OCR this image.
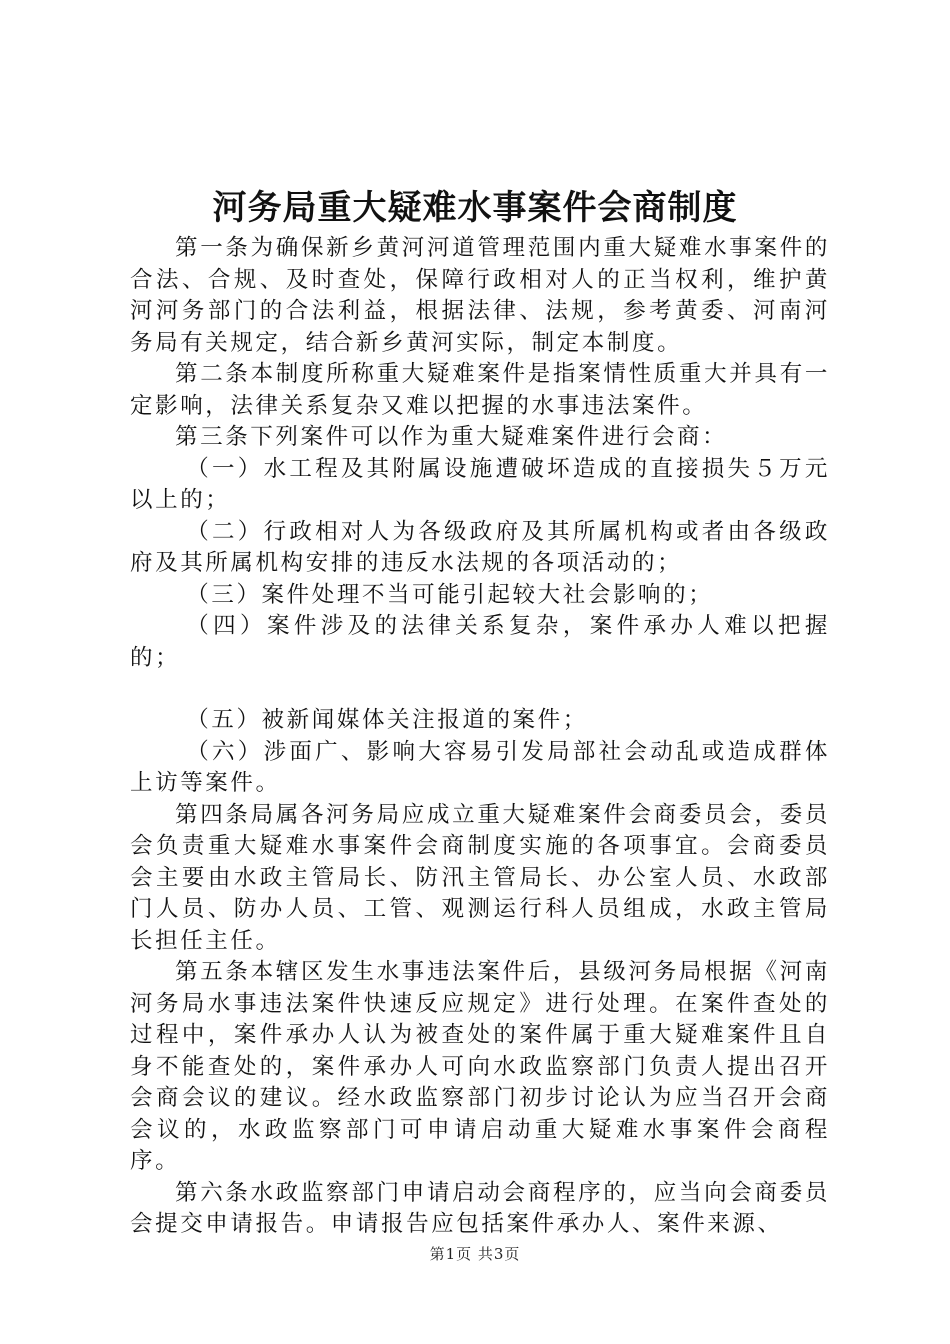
河务局重大疑难水事案件会商制度

第一条为确保新乡黄河河道管理范围内重大疑难水事案件的合法、合规、及时查处，保障行政相对人的正当权利，维护黄河河务部门的合法利益，根据法律、法规，参考黄委、河南河务局有关规定，结合新乡黄河实际，制定本制度。

第二条本制度所称重大疑难案件是指案情性质重大并具有一定影响，法律关系复杂又难以把握的水事违法案件。

第三条下列案件可以作为重大疑难案件进行会商：

（一）水工程及其附属设施遭破坏造成的直接损失５万元以上的；

（二）行政相对人为各级政府及其所属机构或者由各级政府及其所属机构安排的违反水法规的各项活动的；

（三）案件处理不当可能引起较大社会影响的；

（四）案件涉及的法律关系复杂，案件承办人难以把握的；

（五）被新闻媒体关注报道的案件；

（六）涉面广、影响大容易引发局部社会动乱或造成群体上访等案件。

第四条局属各河务局应成立重大疑难案件会商委员会，委员会负责重大疑难水事案件会商制度实施的各项事宜。会商委员会主要由水政主管局长、防汛主管局长、办公室人员、水政部门人员、防办人员、工管、观测运行科人员组成，水政主管局长担任主任。

第五条本辖区发生水事违法案件后，县级河务局根据《河南河务局水事违法案件快速反应规定》进行处理。在案件查处的过程中，案件承办人认为被查处的案件属于重大疑难案件且自身不能查处的，案件承办人可向水政监察部门负责人提出召开会商会议的建议。经水政监察部门初步讨论认为应当召开会商会议的，水政监察部门可申请启动重大疑难水事案件会商程序。

第六条水政监察部门申请启动会商程序的，应当向会商委员会提交申请报告。申请报告应包括案件承办人、案件来源、

第1页 共3页
